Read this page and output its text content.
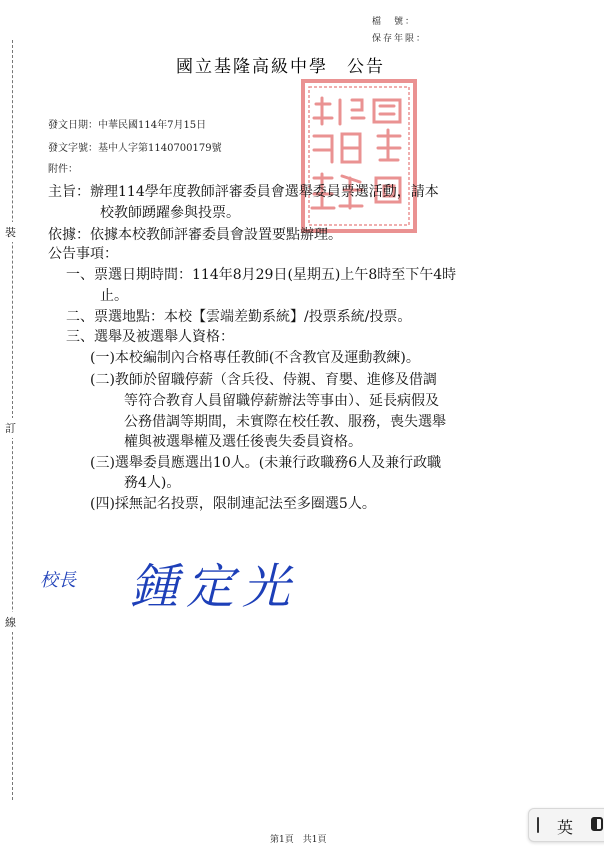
檔　號：
保存年限：
裝
訂
線
國立基隆高級中學　公告
發文日期：中華民國114年7月15日
發文字號：基中人字第1140700179號
附件：
主旨：辦理114學年度教師評審委員會選舉委員票選活動，請本
校教師踴躍參與投票。
依據：依據本校教師評審委員會設置要點辦理。
公告事項：
一、票選日期時間：114年8月29日(星期五)上午8時至下午4時
止。
二、票選地點：本校【雲端差勤系統】/投票系統/投票。
三、選舉及被選舉人資格：
(一)本校編制內合格專任教師(不含教官及運動教練)。
(二)教師於留職停薪（含兵役、侍親、育嬰、進修及借調
等符合教育人員留職停薪辦法等事由）、延長病假及
公務借調等期間，未實際在校任教、服務，喪失選舉
權與被選舉權及選任後喪失委員資格。
(三)選舉委員應選出10人。(未兼行政職務6人及兼行政職
務4人)。
(四)採無記名投票，限制連記法至多圈選5人。
校長 鍾定光
第1頁　共1頁
英
